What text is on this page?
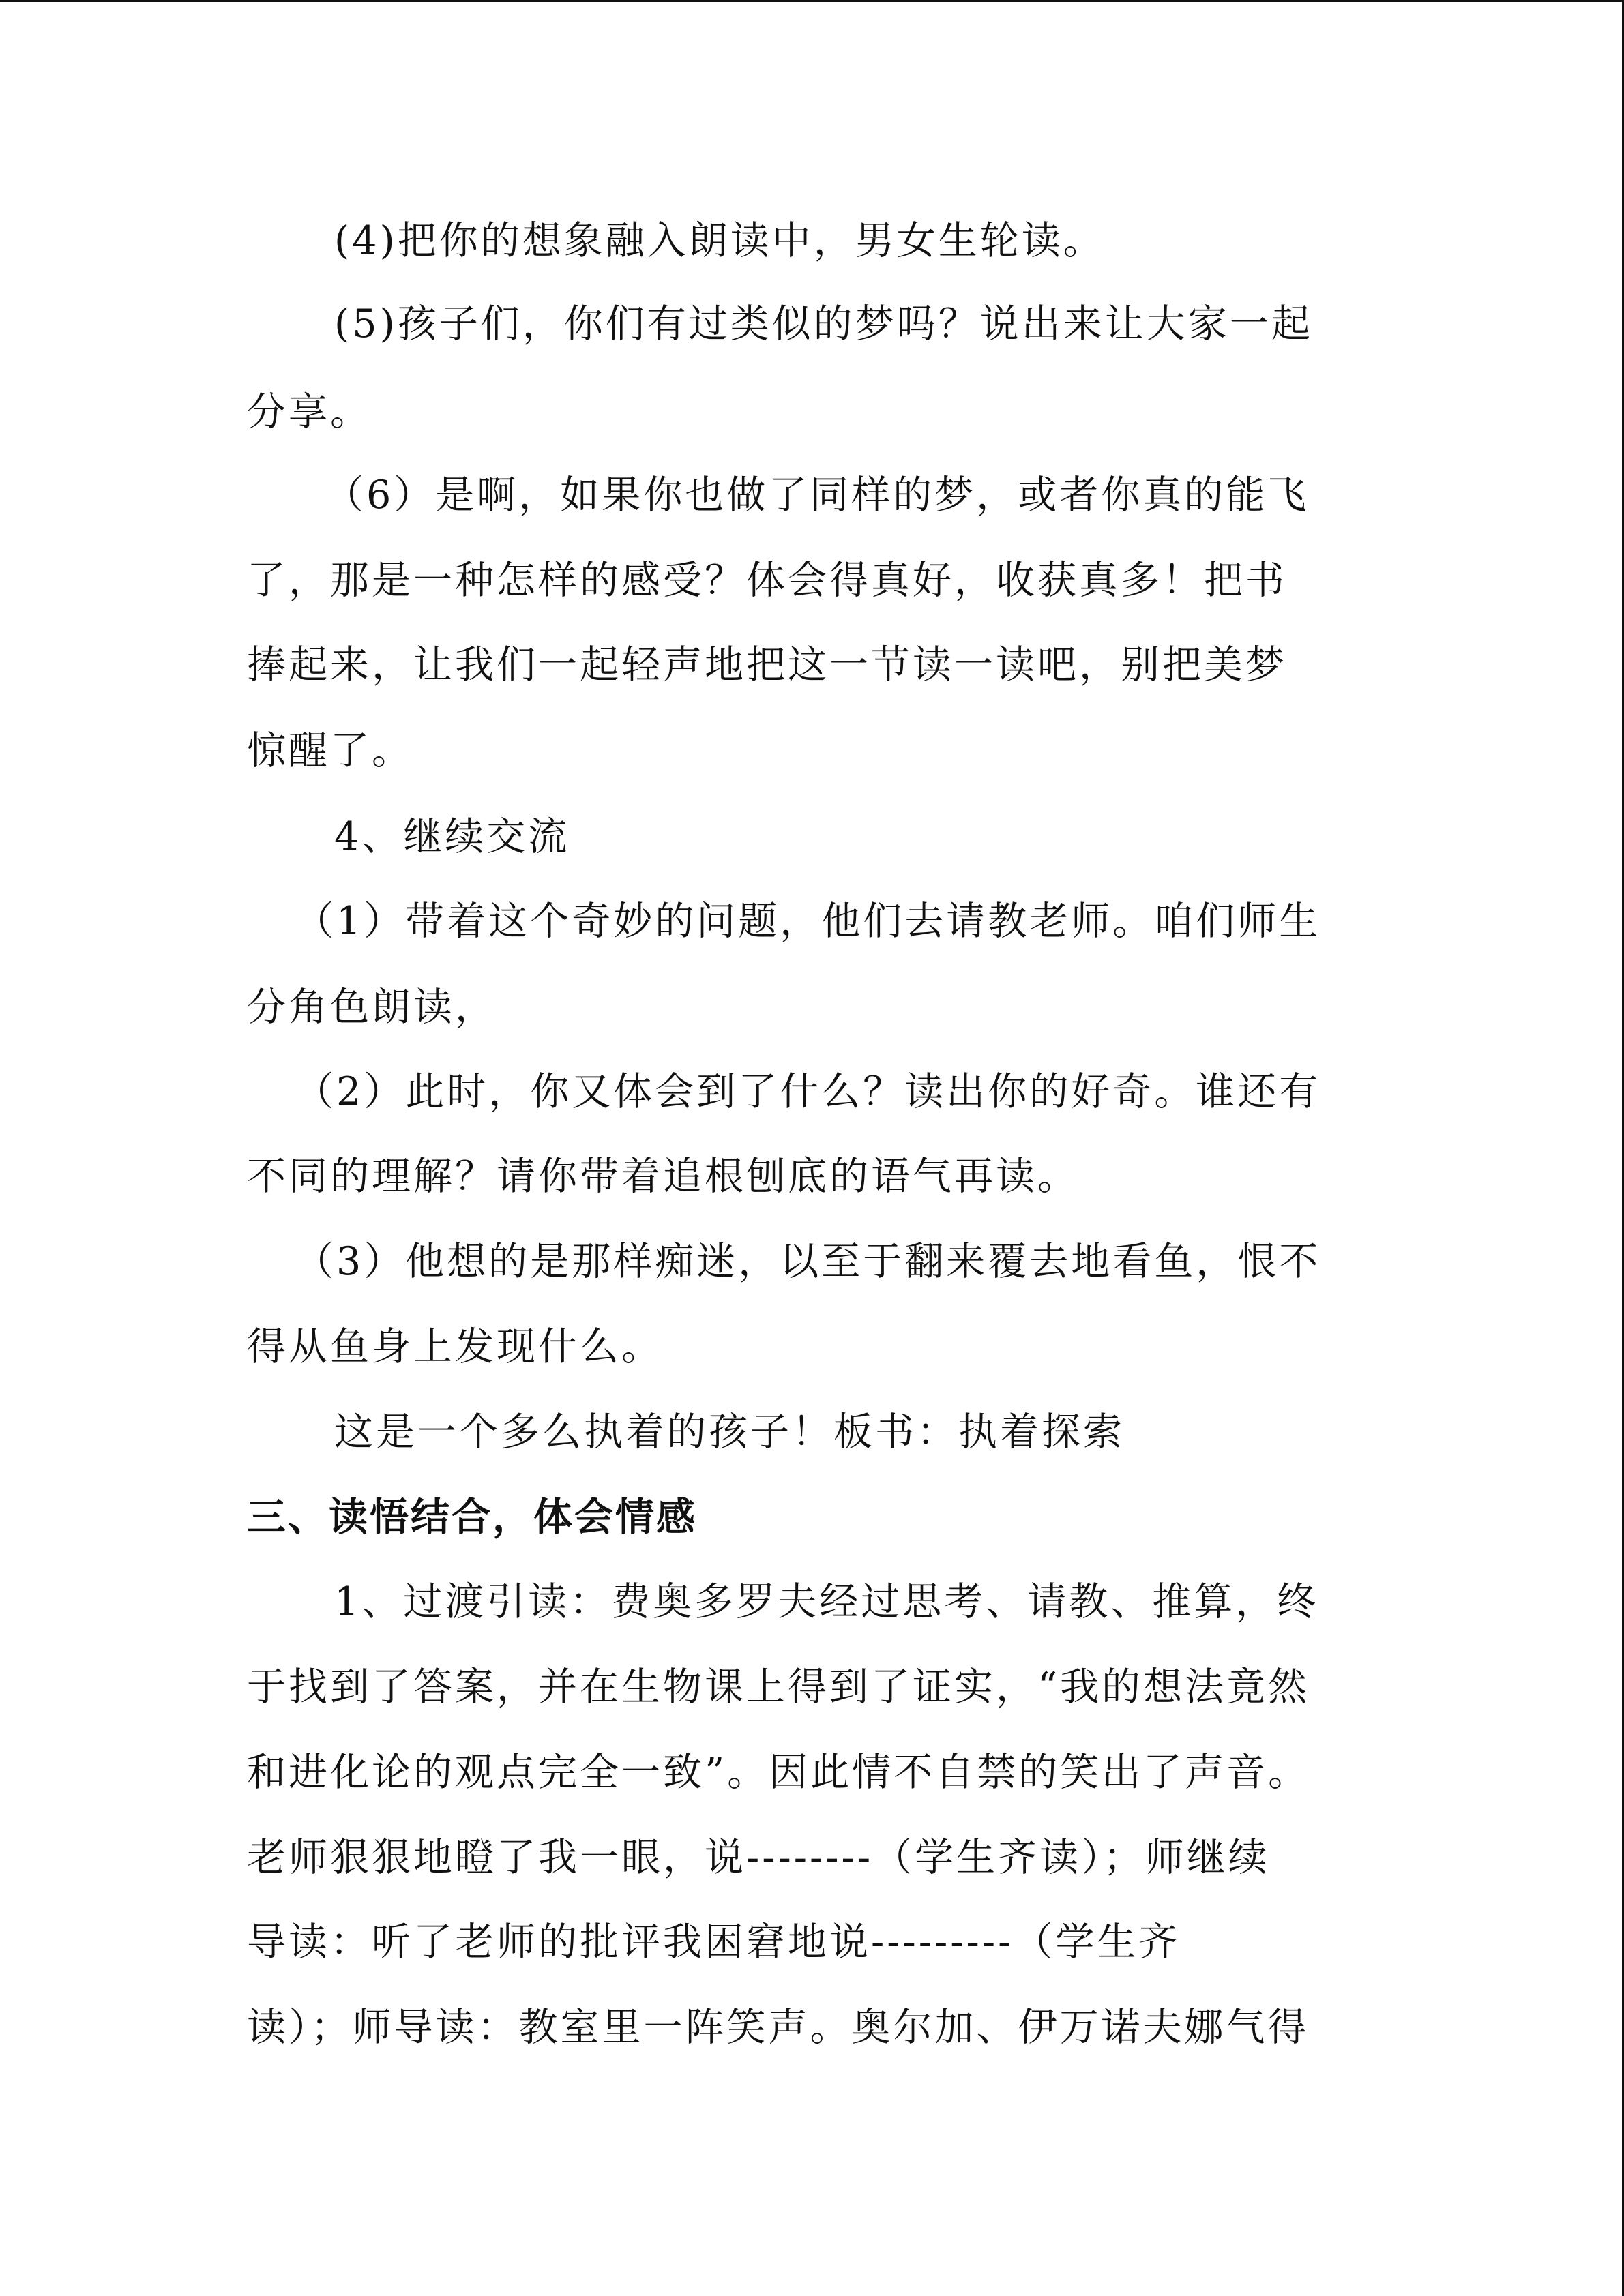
(4)把你的想象融入朗读中，男女生轮读。
(5)孩子们，你们有过类似的梦吗？说出来让大家一起
分享。
（6）是啊，如果你也做了同样的梦，或者你真的能飞
了，那是一种怎样的感受？体会得真好，收获真多！把书
捧起来，让我们一起轻声地把这一节读一读吧，别把美梦
惊醒了。
4、继续交流
（1）带着这个奇妙的问题，他们去请教老师。咱们师生
分角色朗读，
（2）此时，你又体会到了什么？读出你的好奇。谁还有
不同的理解？请你带着追根刨底的语气再读。
（3）他想的是那样痴迷，以至于翻来覆去地看鱼，恨不
得从鱼身上发现什么。
这是一个多么执着的孩子！板书：执着探索
三、读悟结合，体会情感
1、过渡引读：费奥多罗夫经过思考、请教、推算，终
于找到了答案，并在生物课上得到了证实，“我的想法竟然
和进化论的观点完全一致”。因此情不自禁的笑出了声音。
老师狠狠地瞪了我一眼，说--------（学生齐读）；师继续
导读：听了老师的批评我困窘地说---------（学生齐
读）；师导读：教室里一阵笑声。奥尔加、伊万诺夫娜气得
